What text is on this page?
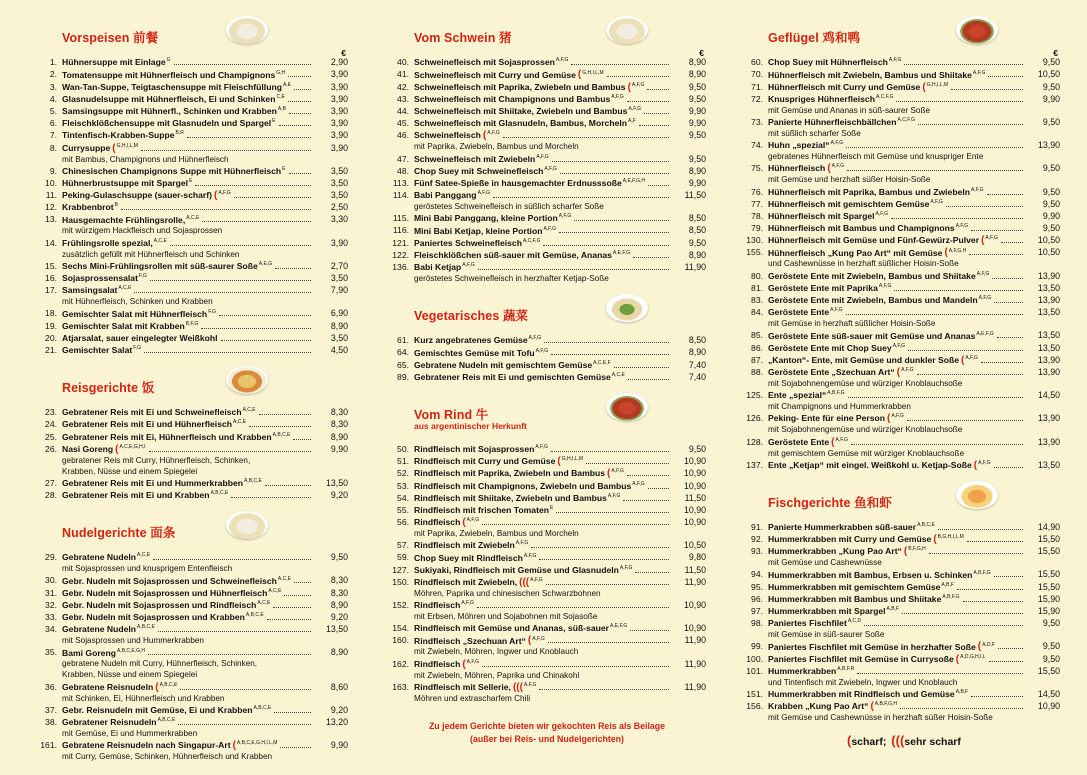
Vorspeisen 前餐
€
1. Hühnersuppe mit Einlage$^G$	2,90
2. Tomatensuppe mit Hühnerfleisch und Champignons$^{G,H}$	3,90
3. Wan-Tan-Suppe, Teigtaschensuppe mit Fleischfüllung$^{A,E}$	3,90
4. Glasnudelsuppe mit Hühnerfleisch, Ei und Schinken$^{C,E}$	3,90
5. Samsingsuppe mit Hühnerfl., Schinken und Krabben$^{A,B}$	3,90
6. Fleischklößchensuppe mit Glasnudeln und Spargel$^E$	3,90
7. Tintenfisch-Krabben-Suppe$^{B,R}$	3,90
8. Currysuppe ($^{G,H,I,L,M}$	3,90
mit Bambus, Champignons und Hühnerfleisch
9. Chinesischen Champignons Suppe mit Hühnerfleisch$^E$	3,50
10. Hühnerbrustsuppe mit Spargel$^E$	3,50
11. Peking-Gulaschsuppe (sauer-scharf) ($^{A,F,G}$	3,50
12. Krabbenbrot$^B$	2,50
13. Hausgemachte Frühlingsrolle,$^{A,C,E}$	3,30
mit würzigem Hackfleisch und Sojasprossen
14. Frühlingsrolle spezial,$^{A,C,E}$	3,90
zusätzlich gefüllt mit Hühnerfleisch und Schinken
15. Sechs Mini-Frühlingsrollen mit süß-saurer Soße$^{A,E,G}$	2,70
16. Sojasprossensalat$^{F,G}$	3,50
17. Samsingsalat$^{A,C,E}$	7,90
mit Hühnerfleisch, Schinken und Krabben
18. Gemischter Salat mit Hühnerfleisch$^{F,G}$	6,90
19. Gemischter Salat mit Krabben$^{B,F,G}$	8,90
20. Atjarsalat, sauer eingelegter Weißkohl	3,50
21. Gemischter Salat$^{F,G}$	4,50
Reisgerichte 饭
23. Gebratener Reis mit Ei und Schweinefleisch$^{A,C,E}$	8,30
24. Gebratener Reis mit Ei und Hühnerfleisch$^{A,C,E}$	8,30
25. Gebratener Reis mit Ei, Hühnerfleisch und Krabben$^{A,B,C,E}$	8,90
26. Nasi Goreng ($^{A,C,E,G,H,I}$	9,90
gebratener Reis mit Curry, Hühnerfleisch, Schinken,
Krabben, Nüsse und einem Spiegelei
27. Gebratener Reis mit Ei und Hummerkrabben$^{A,B,C,E}$	13,50
28. Gebratener Reis mit Ei und Krabben$^{A,B,C,E}$	9,20
Nudelgerichte 面条
29. Gebratene Nudeln$^{A,C,E}$	9,50
mit Sojasprossen und knusprigem Entenfleisch
30. Gebr. Nudeln mit Sojasprossen und Schweinefleisch$^{A,C,E}$	8,30
31. Gebr. Nudeln mit Sojasprossen und Hühnerfleisch$^{A,C,E}$	8,30
32. Gebr. Nudeln mit Sojasprossen und Rindfleisch$^{A,C,E}$	8,90
33. Gebr. Nudeln mit Sojasprossen und Krabben$^{A,B,C,E}$	9,20
34. Gebratene Nudeln$^{A,B,C,E}$	13,50
mit Sojasprossen und Hummerkrabben
35. Bami Goreng$^{A,B,C,E,G,H}$	8,90
gebratene Nudeln mit Curry, Hühnerfleisch, Schinken,
Krabben, Nüsse und einem Spiegelei
36. Gebratene Reisnudeln ($^{A,B,C,E}$	8,60
mit Schinken, Ei, Hühnerfleisch und Krabben
37. Gebr. Reisnudeln mit Gemüse, Ei und Krabben$^{A,B,C,E}$	9,20
38. Gebratener Reisnudeln$^{A,B,C,E}$	13,20
mit Gemüse, Ei und Hummerkrabben
161. Gebratene Reisnudeln nach Singapur-Art ($^{A,B,C,E,G,H,I,L,M}$	9,90
mit Curry, Gemüse, Schinken, Hühnerfleisch und Krabben
Vom Schwein 猪
€
40. Schweinefleisch mit Sojasprossen$^{A,F,G}$	8,90
41. Schweinefleisch mit Curry und Gemüse ($^{G,H,I,L,M}$	8,90
42. Schweinefleisch mit Paprika, Zwiebeln und Bambus ($^{A,F,G}$	9,50
43. Schweinefleisch mit Champignons und Bambus$^{A,F,G}$	9,50
44. Schweinefleisch mit Shiitake, Zwiebeln und Bambus$^{A,F,G}$	9,90
45. Schweinefleisch mit Glasnudeln, Bambus, Morcheln$^{A,F}$	9,90
46. Schweinefleisch ($^{A,F,G}$	9,50
mit Paprika, Zwiebeln, Bambus und Morcheln
47. Schweinefleisch mit Zwiebeln$^{A,F,G}$	9,50
48. Chop Suey mit Schweinefleisch$^{A,F,G}$	8,90
113. Fünf Satee-Spieße in hausgemachter Erdnusssoße$^{A,E,F,G,H}$	9,90
114. Babi Panggang$^{A,F,G}$	11,50
geröstetes Schweinefleisch in süßlich scharfer Soße
115. Mini Babi Panggang, kleine Portion$^{A,F,G}$	8,50
116. Mini Babi Ketjap, kleine Portion$^{A,F,G}$	8,50
121. Paniertes Schweinefleisch$^{A,C,F,G}$	9,50
122. Fleischklößchen süß-sauer mit Gemüse, Ananas$^{A,E,F,G}$	8,90
136. Babi Ketjap$^{A,F,G}$	11,90
geröstetes Schweinefleisch in herzhafter Ketjap-Soße
Vegetarisches 蔬菜
61. Kurz angebratenes Gemüse$^{A,F,G}$	8,50
64. Gemischtes Gemüse mit Tofu$^{A,F,G}$	8,90
65. Gebratene Nudeln mit gemischtem Gemüse$^{A,C,E,F}$	7,40
89. Gebratener Reis mit Ei und gemischten Gemüse$^{A,C,E}$	7,40
Vom Rind 牛
aus argentinischer Herkunft
50. Rindfleisch mit Sojasprossen$^{A,F,G}$	9,50
51. Rindfleisch mit Curry und Gemüse ($^{G,H,I,L,M}$	10,90
52. Rindfleisch mit Paprika, Zwiebeln und Bambus ($^{A,F,G}$	10,90
53. Rindfleisch mit Champignons, Zwiebeln und Bambus$^{A,F,G}$	10,90
54. Rindfleisch mit Shiitake, Zwiebeln und Bambus$^{A,F,G}$	11,50
55. Rindfleisch mit frischen Tomaten$^E$	10,90
56. Rindfleisch ($^{A,F,G}$	10,90
mit Paprika, Zwiebeln, Bambus und Morcheln
57. Rindfleisch mit Zwiebeln$^{A,F,G}$	10,50
59. Chop Suey mit Rindfleisch$^{A,F,G}$	9,80
127. Sukiyaki, Rindfleisch mit Gemüse und Glasnudeln$^{A,F,G}$	11,50
150. Rindfleisch mit Zwiebeln, ((($^{A,F,G}$	11,90
Möhren, Paprika und chinesischen Schwarzbohnen
152. Rindfleisch$^{A,F,G}$	10,90
mit Erbsen, Möhren und Sojabohnen mit Sojasoße
154. Rindfleisch mit Gemüse und Ananas, süß-sauer$^{A,E,F,G}$	10,90
160. Rindfleisch „Szechuan Art“ ($^{A,F,G}$	11,90
mit Zwiebeln, Möhren, Ingwer und Knoblauch
162. Rindfleisch ($^{A,F,G}$	11,90
mit Zwiebeln, Möhren, Paprika und Chinakohl
163. Rindfleisch mit Sellerie, ((($^{A,F,G}$	11,90
Möhren und extrascharfem Chili
Geflügel 鸡和鸭
€
60. Chop Suey mit Hühnerfleisch$^{A,F,G}$	9,50
70. Hühnerfleisch mit Zwiebeln, Bambus und Shiitake$^{A,F,G}$	10,50
71. Hühnerfleisch mit Curry und Gemüse ($^{G,H,I,L,M}$	9,50
72. Knuspriges Hühnerfleisch$^{A,C,F,G}$	9,90
mit Gemüse und Ananas in süß-saurer Soße
73. Panierte Hühnerfleischbällchen$^{A,C,F,G}$	9,50
mit süßlich scharfer Soße
74. Huhn „spezial“$^{A,F,G}$	13,90
gebratenes Hühnerfleisch mit Gemüse und knuspriger Ente
75. Hühnerfleisch ($^{A,F,G}$	9,50
mit Gemüse und herzhaft süßer Hoisin-Soße
76. Hühnerfleisch mit Paprika, Bambus und Zwiebeln$^{A,F,G}$	9,50
77. Hühnerfleisch mit gemischtem Gemüse$^{A,F,G}$	9,50
78. Hühnerfleisch mit Spargel$^{A,F,G}$	9,90
79. Hühnerfleisch mit Bambus und Champignons$^{A,F,G}$	9,50
130. Hühnerfleisch mit Gemüse und Fünf-Gewürz-Pulver ($^{A,F,G}$	10,50
155. Hühnerfleisch „Kung Pao Art“ mit Gemüse ($^{A,F,G,H}$	10,50
und Cashewnüsse in herzhaft süßlicher Hoisin-Soße
80. Geröstete Ente mit Zwiebeln, Bambus und Shiitake$^{A,F,G}$	13,90
81. Geröstete Ente mit Paprika$^{A,F,G}$	13,50
83. Geröstete Ente mit Zwiebeln, Bambus und Mandeln$^{A,F,G}$	13,90
84. Geröstete Ente$^{A,F,G}$	13,50
mit Gemüse in herzhaft süßlicher Hoisin-Soße
85. Geröstete Ente süß-sauer mit Gemüse und Ananas$^{A,E,F,G}$	13,50
86. Geröstete Ente mit Chop Suey$^{A,F,G}$	13,50
87. „Kanton“- Ente, mit Gemüse und dunkler Soße ($^{A,F,G}$	13,90
88. Geröstete Ente „Szechuan Art“ ($^{A,F,G}$	13,90
mit Sojabohnengemüse und würziger Knoblauchsoße
125. Ente „spezial“$^{A,B,F,G}$	14,50
mit Champignons und Hummerkrabben
126. Peking- Ente für eine Person ($^{A,F,G}$	13,90
mit Sojabohnengemüse und würziger Knoblauchsoße
128. Geröstete Ente ($^{A,F,G}$	13,90
mit gemischtem Gemüse mit würziger Knoblauchsoße
137. Ente „Ketjap“ mit eingel. Weißkohl u. Ketjap-Soße ($^{A,F,G}$	13,50
Fischgerichte 鱼和虾
91. Panierte Hummerkrabben süß-sauer$^{A,B,C,E}$	14,90
92. Hummerkrabben mit Curry und Gemüse ($^{B,G,H,I,L,M}$	15,50
93. Hummerkrabben „Kung Pao Art“ ($^{B,F,G,H}$	15,50
mit Gemüse und Cashewnüsse
94. Hummerkrabben mit Bambus, Erbsen u. Schinken$^{A,B,F,G}$	15,50
95. Hummerkrabben mit gemischtem Gemüse$^{A,B,F}$	15,50
96. Hummerkrabben mit Bambus und Shiitake$^{A,B,F,G}$	15,90
97. Hummerkrabben mit Spargel$^{A,B,F}$	15,90
98. Paniertes Fischfilet$^{A,C,D}$	9,50
mit Gemüse in süß-saurer Soße
99. Paniertes Fischfilet mit Gemüse in herzhafter Soße ($^{A,D,F}$	9,50
100. Paniertes Fischfilet mit Gemüse in Currysoße ($^{A,D,G,H,I,L}$	9,50
101. Hummerkrabben$^{A,B,F,R}$	15,50
und Tintenfisch mit Zwiebeln, Ingwer und Knoblauch
151. Hummerkrabben mit Rindfleisch und Gemüse$^{A,B,F}$	14,50
156. Krabben „Kung Pao Art“ ($^{A,B,F,G,H}$	10,90
mit Gemüse und Cashewnüsse in herzhaft süßer Hoisin-Soße
Zu jedem Gerichte bieten wir gekochten Reis als Beilage
(außer bei Reis- und Nudelgerichten)	(scharf; (((sehr scharf
